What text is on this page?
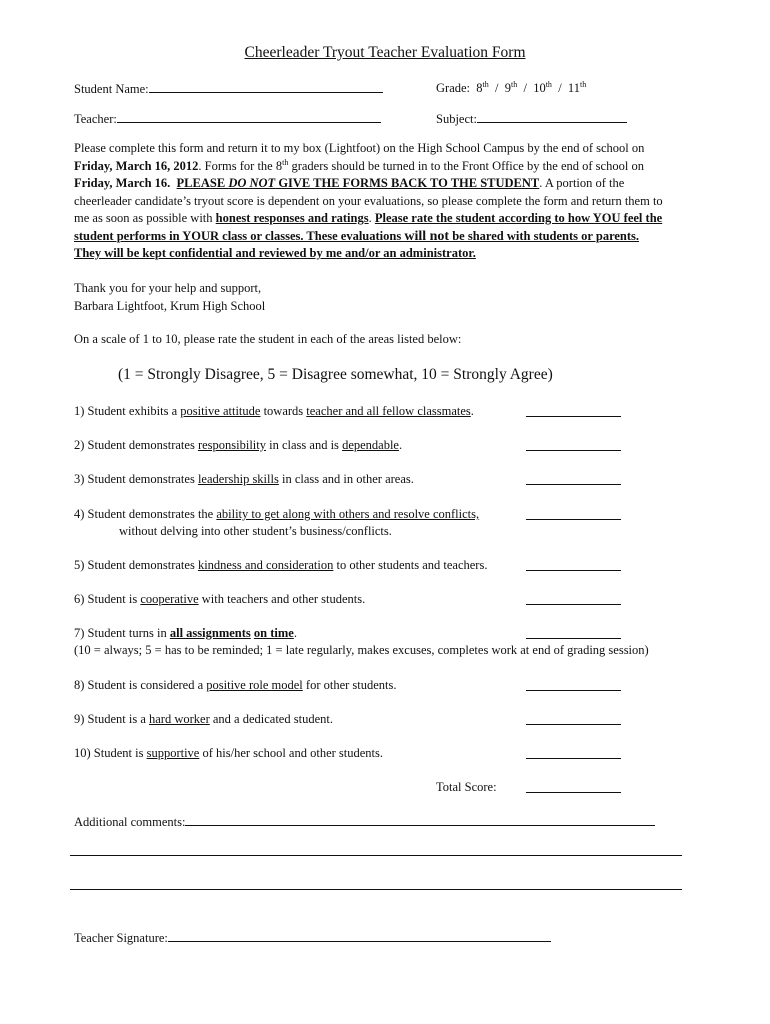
Cheerleader Tryout Teacher Evaluation Form
Student Name:	Grade: 8th / 9th / 10th / 11th
Teacher:	Subject:

Please complete this form and return it to my box (Lightfoot) on the High School Campus by the end of school on

Friday, March 16, 2012. Forms for the 8th graders should be turned in to the Front Office by the end of school on

Friday, March 16. PLEASE DO NOT GIVE THE FORMS BACK TO THE STUDENT. A portion of the

cheerleader candidate’s tryout score is dependent on your evaluations, so please complete the form and return them to

me as soon as possible with honest responses and ratings. Please rate the student according to how YOU feel the

student performs in YOUR class or classes. These evaluations will not be shared with students or parents.

They will be kept confidential and reviewed by me and/or an administrator.

Thank you for your help and support,

Barbara Lightfoot, Krum High School

On a scale of 1 to 10, please rate the student in each of the areas listed below:
(1 = Strongly Disagree, 5 = Disagree somewhat, 10 = Strongly Agree)
1) Student exhibits a positive attitude towards teacher and all fellow classmates.
2) Student demonstrates responsibility in class and is dependable.
3) Student demonstrates leadership skills in class and in other areas.
4) Student demonstrates the ability to get along with others and resolve conflicts,
without delving into other student’s business/conflicts.
5) Student demonstrates kindness and consideration to other students and teachers.
6) Student is cooperative with teachers and other students.
7) Student turns in all assignments on time.
(10 = always; 5 = has to be reminded; 1 = late regularly, makes excuses, completes work at end of grading session)
8) Student is considered a positive role model for other students.
9) Student is a hard worker and a dedicated student.
10) Student is supportive of his/her school and other students.
Total Score:
Additional comments:
Teacher Signature:
